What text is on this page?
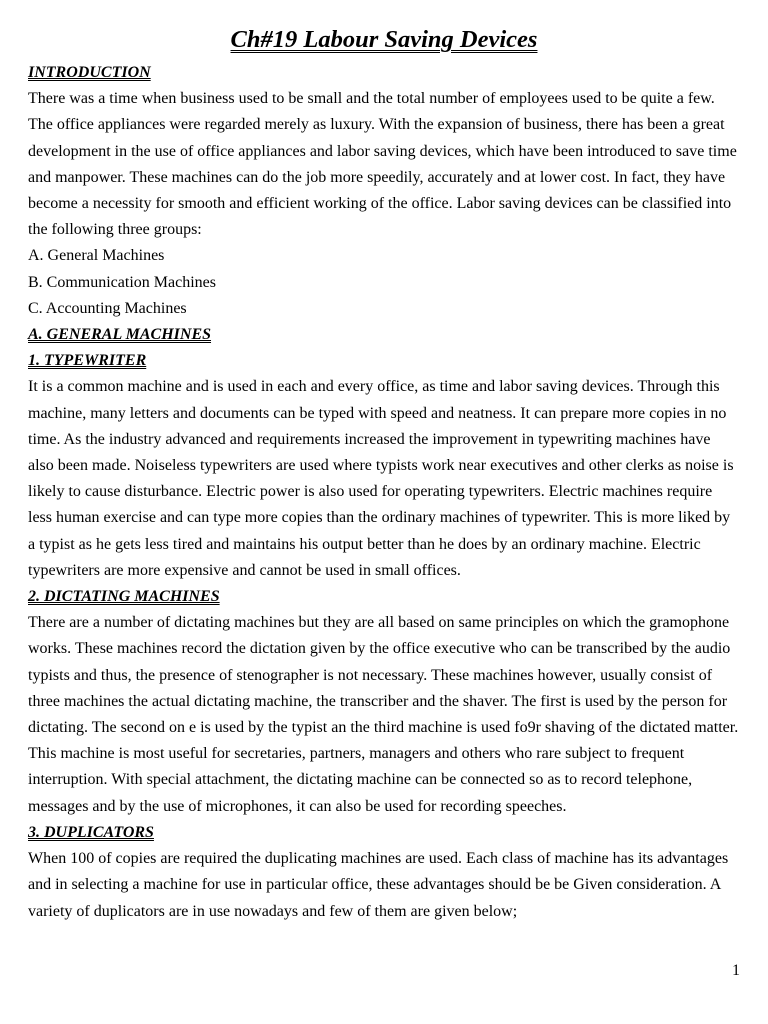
Ch#19 Labour Saving Devices

INTRODUCTION

There was a time when business used to be small and the total number of employees used to be quite a few. The office appliances were regarded merely as luxury. With the expansion of business, there has been a great development in the use of office appliances and labor saving devices, which have been introduced to save time and manpower. These machines can do the job more speedily, accurately and at lower cost. In fact, they have become a necessity for smooth and efficient working of the office. Labor saving devices can be classified into the following three groups:

A. General Machines

B. Communication Machines

C. Accounting Machines

A. GENERAL MACHINES

1. TYPEWRITER

It is a common machine and is used in each and every office, as time and labor saving devices. Through this machine, many letters and documents can be typed with speed and neatness. It can prepare more copies in no time. As the industry advanced and requirements increased the improvement in typewriting machines have also been made. Noiseless typewriters are used where typists work near executives and other clerks as noise is likely to cause disturbance. Electric power is also used for operating typewriters. Electric machines require less human exercise and can type more copies than the ordinary machines of typewriter. This is more liked by a typist as he gets less tired and maintains his output better than he does by an ordinary machine. Electric typewriters are more expensive and cannot be used in small offices.

2. DICTATING MACHINES

There are a number of dictating machines but they are all based on same principles on which the gramophone works. These machines record the dictation given by the office executive who can be transcribed by the audio typists and thus, the presence of stenographer is not necessary. These machines however, usually consist of three machines the actual dictating machine, the transcriber and the shaver. The first is used by the person for dictating. The second on e is used by the typist an the third machine is used fo9r shaving of the dictated matter. This machine is most useful for secretaries, partners, managers and others who rare subject to frequent interruption. With special attachment, the dictating machine can be connected so as to record telephone, messages and by the use of microphones, it can also be used for recording speeches.

3. DUPLICATORS

When 100 of copies are required the duplicating machines are used. Each class of machine has its advantages and in selecting a machine for use in particular office, these advantages should be be Given consideration. A variety of duplicators are in use nowadays and few of them are given below;

1
